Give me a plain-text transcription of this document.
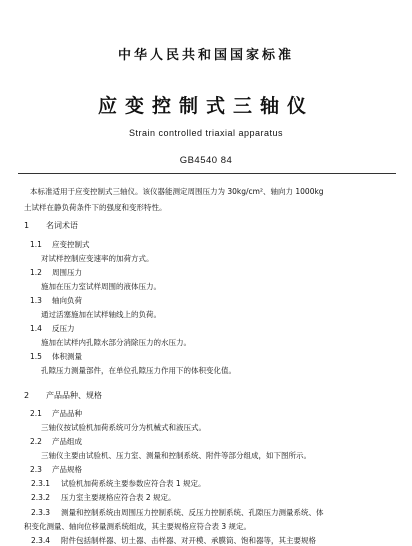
中华人民共和国国家标准
应变控制式三轴仪
Strain controlled triaxial apparatus
GB4540 84
本标准适用于应变控制式三轴仪。该仪器能测定周围压力为 30kg/cm²、轴向力 1000kg
土试样在静负荷条件下的强度和变形特性。
1 名词术语
1.1 应变控制式
对试样控制应变速率的加荷方式。
1.2 周围压力
施加在压力室试样周围的液体压力。
1.3 轴向负荷
通过活塞施加在试样轴线上的负荷。
1.4 反压力
施加在试样内孔隙水部分消除压力的水压力。
1.5 体积测量
孔隙压力测量部件，在单位孔隙压力作用下的体积变化值。
2 产品品种、规格
2.1 产品品种
三轴仪按试验机加荷系统可分为机械式和液压式。
2.2 产品组成
三轴仪主要由试验机、压力室、测量和控制系统、附件等部分组成，如下图所示。
2.3 产品规格
2.3.1 试验机加荷系统主要参数应符合表 1 规定。
2.3.2 压力室主要规格应符合表 2 规定。
2.3.3 测量和控制系统由周围压力控制系统、反压力控制系统、孔隙压力测量系统、体
积变化测量、轴向位移量测系统组成，其主要规格应符合表 3 规定。
2.3.4 附件包括制样器、切土器、击样器、对开模、承膜筒、饱和器等，其主要规格
